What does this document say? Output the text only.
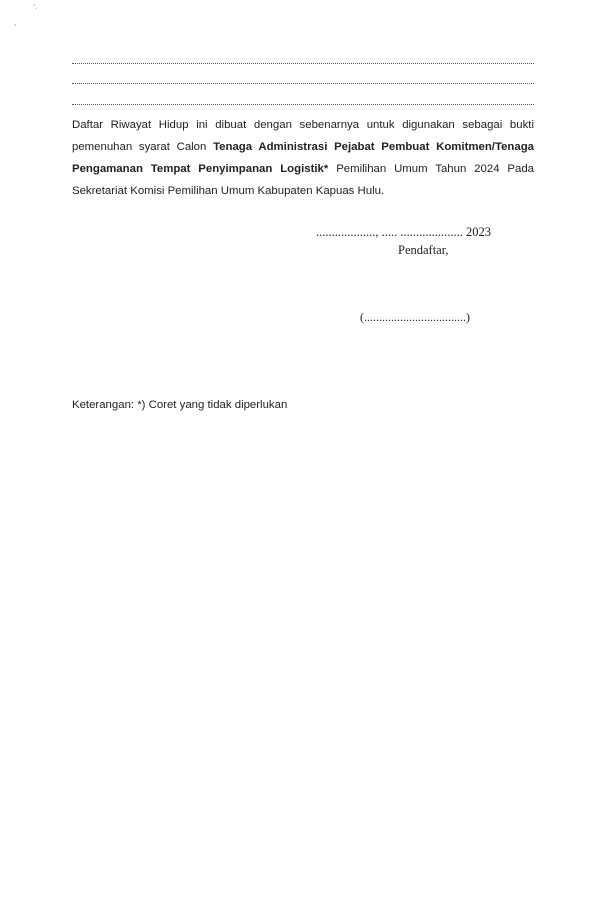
'.
,

Daftar Riwayat Hidup ini dibuat dengan sebenarnya untuk digunakan sebagai bukti pemenuhan syarat Calon Tenaga Administrasi Pejabat Pembuat Komitmen/Tenaga Pengamanan Tempat Penyimpanan Logistik* Pemilihan Umum Tahun 2024 Pada Sekretariat Komisi Pemilihan Umum Kabupaten Kapuas Hulu.

..................., ..... .................... 2023
Pendaftar,
(..................................)
Keterangan: *) Coret yang tidak diperlukan
